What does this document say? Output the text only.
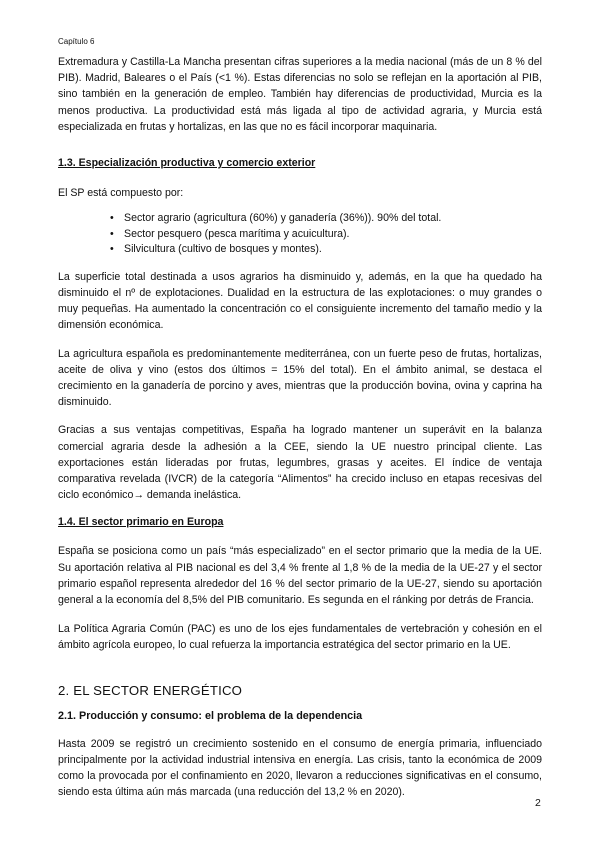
Capítulo 6

Extremadura y Castilla-La Mancha presentan cifras superiores a la media nacional (más de un 8 % del PIB). Madrid, Baleares o el País (<1 %). Estas diferencias no solo se reflejan en la aportación al PIB, sino también en la generación de empleo. También hay diferencias de productividad, Murcia es la menos productiva. La productividad está más ligada al tipo de actividad agraria, y Murcia está especializada en frutas y hortalizas, en las que no es fácil incorporar maquinaria.

1.3. Especialización productiva y comercio exterior

El SP está compuesto por:

• Sector agrario (agricultura (60%) y ganadería (36%)). 90% del total.
• Sector pesquero (pesca marítima y acuicultura).
• Silvicultura (cultivo de bosques y montes).

La superficie total destinada a usos agrarios ha disminuido y, además, en la que ha quedado ha disminuido el nº de explotaciones. Dualidad en la estructura de las explotaciones: o muy grandes o muy pequeñas. Ha aumentado la concentración co el consiguiente incremento del tamaño medio y la dimensión económica.

La agricultura española es predominantemente mediterránea, con un fuerte peso de frutas, hortalizas, aceite de oliva y vino (estos dos últimos = 15% del total). En el ámbito animal, se destaca el crecimiento en la ganadería de porcino y aves, mientras que la producción bovina, ovina y caprina ha disminuido.

Gracias a sus ventajas competitivas, España ha logrado mantener un superávit en la balanza comercial agraria desde la adhesión a la CEE, siendo la UE nuestro principal cliente. Las exportaciones están lideradas por frutas, legumbres, grasas y aceites. El índice de ventaja comparativa revelada (IVCR) de la categoría “Alimentos” ha crecido incluso en etapas recesivas del ciclo económico→ demanda inelástica.

1.4. El sector primario en Europa

España se posiciona como un país “más especializado” en el sector primario que la media de la UE. Su aportación relativa al PIB nacional es del 3,4 % frente al 1,8 % de la media de la UE-27 y el sector primario español representa alrededor del 16 % del sector primario de la UE-27, siendo su aportación general a la economía del 8,5% del PIB comunitario. Es segunda en el ránking por detrás de Francia.

La Política Agraria Común (PAC) es uno de los ejes fundamentales de vertebración y cohesión en el ámbito agrícola europeo, lo cual refuerza la importancia estratégica del sector primario en la UE.

2. EL SECTOR ENERGÉTICO
2.1. Producción y consumo: el problema de la dependencia

Hasta 2009 se registró un crecimiento sostenido en el consumo de energía primaria, influenciado principalmente por la actividad industrial intensiva en energía. Las crisis, tanto la económica de 2009 como la provocada por el confinamiento en 2020, llevaron a reducciones significativas en el consumo, siendo esta última aún más marcada (una reducción del 13,2 % en 2020).

2
